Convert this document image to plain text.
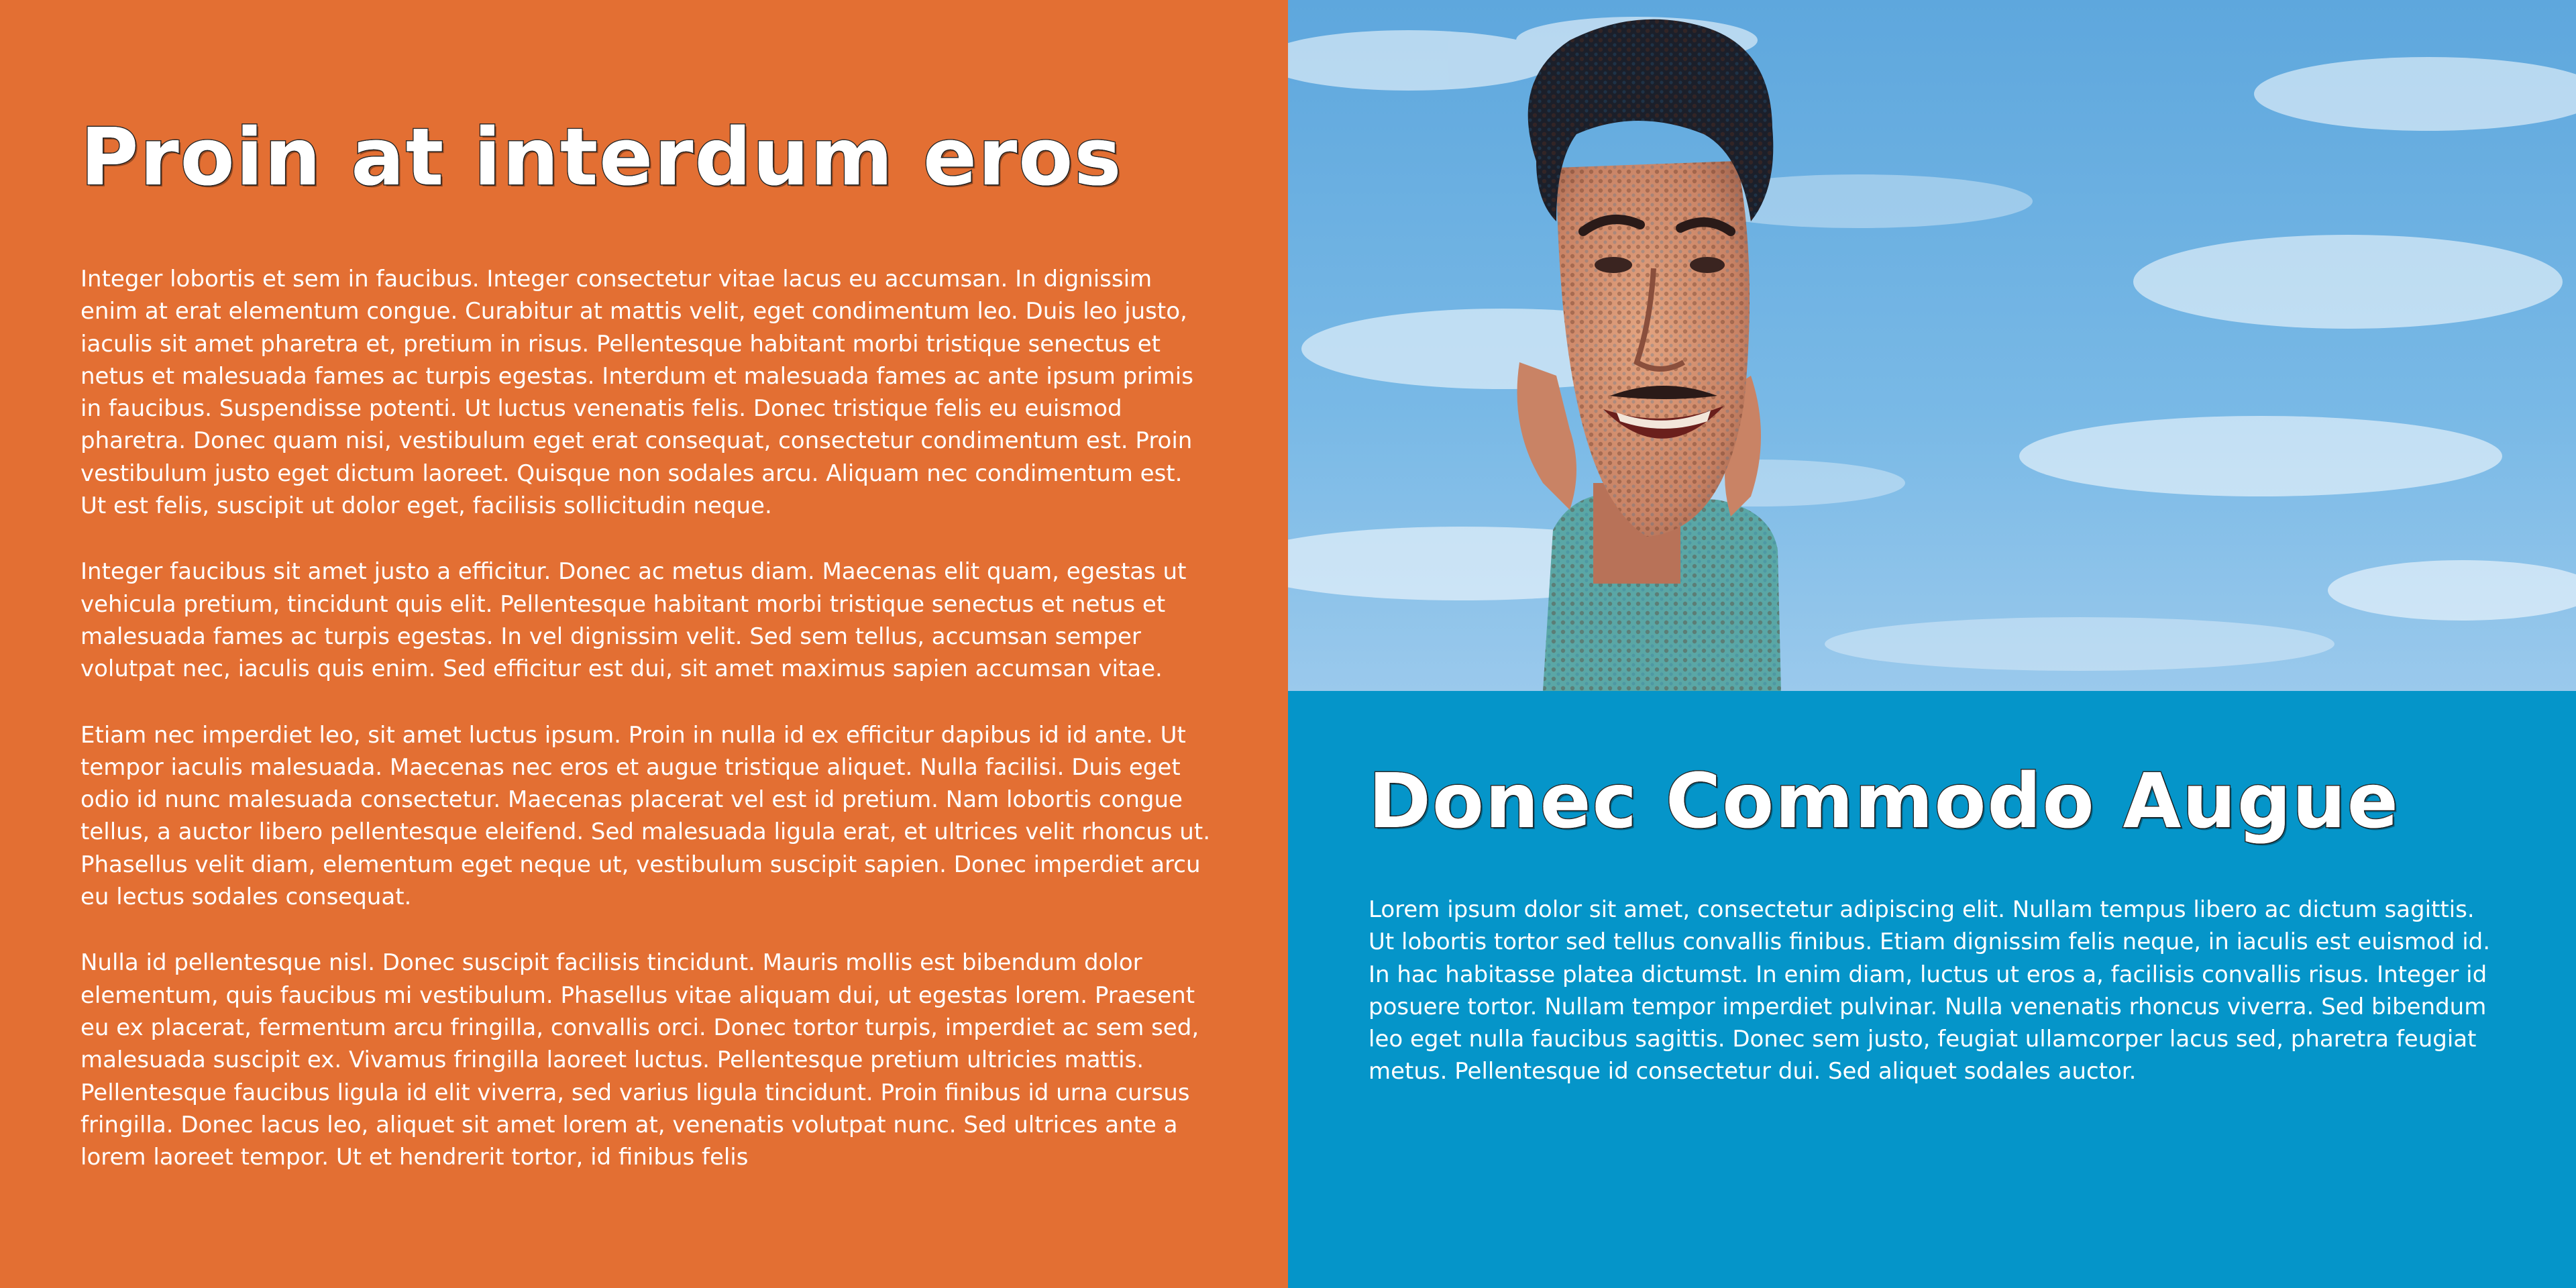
Proin at interdum eros

Integer lobortis et sem in faucibus. Integer consectetur vitae lacus eu accumsan. In dignissim enim at erat elementum congue. Curabitur at mattis velit, eget condimentum leo. Duis leo justo, iaculis sit amet pharetra et, pretium in risus. Pellentesque habitant morbi tristique senectus et netus et malesuada fames ac turpis egestas. Interdum et malesuada fames ac ante ipsum primis in faucibus. Suspendisse potenti. Ut luctus venenatis felis. Donec tristique felis eu euismod pharetra. Donec quam nisi, vestibulum eget erat consequat, consectetur condimentum est. Proin vestibulum justo eget dictum laoreet. Quisque non sodales arcu. Aliquam nec condimentum est. Ut est felis, suscipit ut dolor eget, facilisis sollicitudin neque.

Integer faucibus sit amet justo a efficitur. Donec ac metus diam. Maecenas elit quam, egestas ut vehicula pretium, tincidunt quis elit. Pellentesque habitant morbi tristique senectus et netus et malesuada fames ac turpis egestas. In vel dignissim velit. Sed sem tellus, accumsan semper volutpat nec, iaculis quis enim. Sed efficitur est dui, sit amet maximus sapien accumsan vitae.

Etiam nec imperdiet leo, sit amet luctus ipsum. Proin in nulla id ex efficitur dapibus id id ante. Ut tempor iaculis malesuada. Maecenas nec eros et augue tristique aliquet. Nulla facilisi. Duis eget odio id nunc malesuada consectetur. Maecenas placerat vel est id pretium. Nam lobortis congue tellus, a auctor libero pellentesque eleifend. Sed malesuada ligula erat, et ultrices velit rhoncus ut. Phasellus velit diam, elementum eget neque ut, vestibulum suscipit sapien. Donec imperdiet arcu eu lectus sodales consequat.

Nulla id pellentesque nisl. Donec suscipit facilisis tincidunt. Mauris mollis est bibendum dolor elementum, quis faucibus mi vestibulum. Phasellus vitae aliquam dui, ut egestas lorem. Praesent eu ex placerat, fermentum arcu fringilla, convallis orci. Donec tortor turpis, imperdiet ac sem sed, malesuada suscipit ex. Vivamus fringilla laoreet luctus. Pellentesque pretium ultricies mattis. Pellentesque faucibus ligula id elit viverra, sed varius ligula tincidunt. Proin finibus id urna cursus fringilla. Donec lacus leo, aliquet sit amet lorem at, venenatis volutpat nunc. Sed ultrices ante a lorem laoreet tempor. Ut et hendrerit tortor, id finibus felis

Donec Commodo Augue

Lorem ipsum dolor sit amet, consectetur adipiscing elit. Nullam tempus libero ac dictum sagittis. Ut lobortis tortor sed tellus convallis finibus. Etiam dignissim felis neque, in iaculis est euismod id. In hac habitasse platea dictumst. In enim diam, luctus ut eros a, facilisis convallis risus. Integer id posuere tortor. Nullam tempor imperdiet pulvinar. Nulla venenatis rhoncus viverra. Sed bibendum leo eget nulla faucibus sagittis. Donec sem justo, feugiat ullamcorper lacus sed, pharetra feugiat metus. Pellentesque id consectetur dui. Sed aliquet sodales auctor.
